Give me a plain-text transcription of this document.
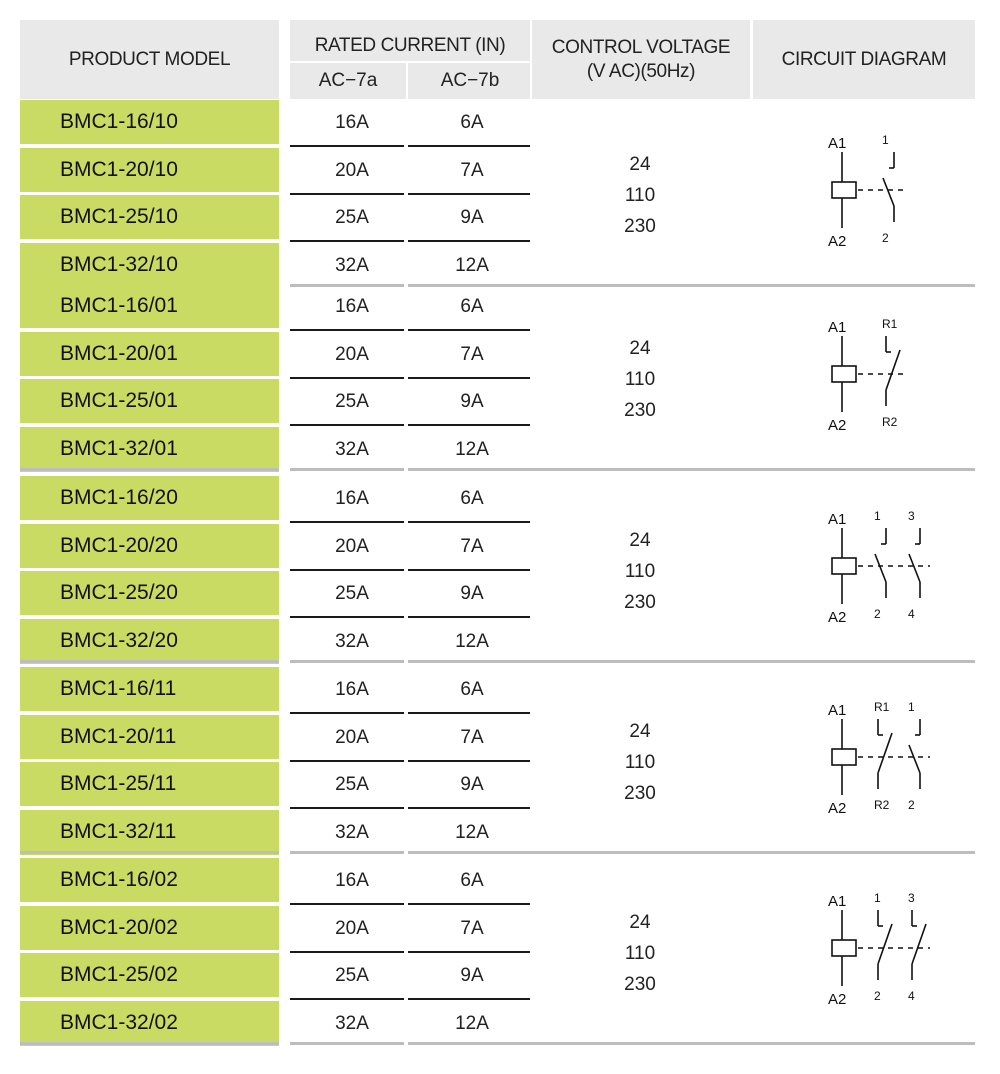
PRODUCT MODEL
RATED CURRENT (IN)
AC−7a	AC−7b
CONTROL VOLTAGE
(V AC)(50Hz)
CIRCUIT DIAGRAM
BMC1-16/10	16A	6A
BMC1-20/10	20A	7A
BMC1-25/10	25A	9A
BMC1-32/10	32A	12A
24
110
230
A1
A2
1
2
BMC1-16/01	16A	6A
BMC1-20/01	20A	7A
BMC1-25/01	25A	9A
BMC1-32/01	32A	12A
24
110
230
A1
A2
R1
R2
BMC1-16/20	16A	6A
BMC1-20/20	20A	7A
BMC1-25/20	25A	9A
BMC1-32/20	32A	12A
24
110
230
A1
A2
1
2
3
4
BMC1-16/11	16A	6A
BMC1-20/11	20A	7A
BMC1-25/11	25A	9A
BMC1-32/11	32A	12A
24
110
230
A1
A2
R1
R2
1
2
BMC1-16/02	16A	6A
BMC1-20/02	20A	7A
BMC1-25/02	25A	9A
BMC1-32/02	32A	12A
24
110
230
A1
A2
1
2
3
4
